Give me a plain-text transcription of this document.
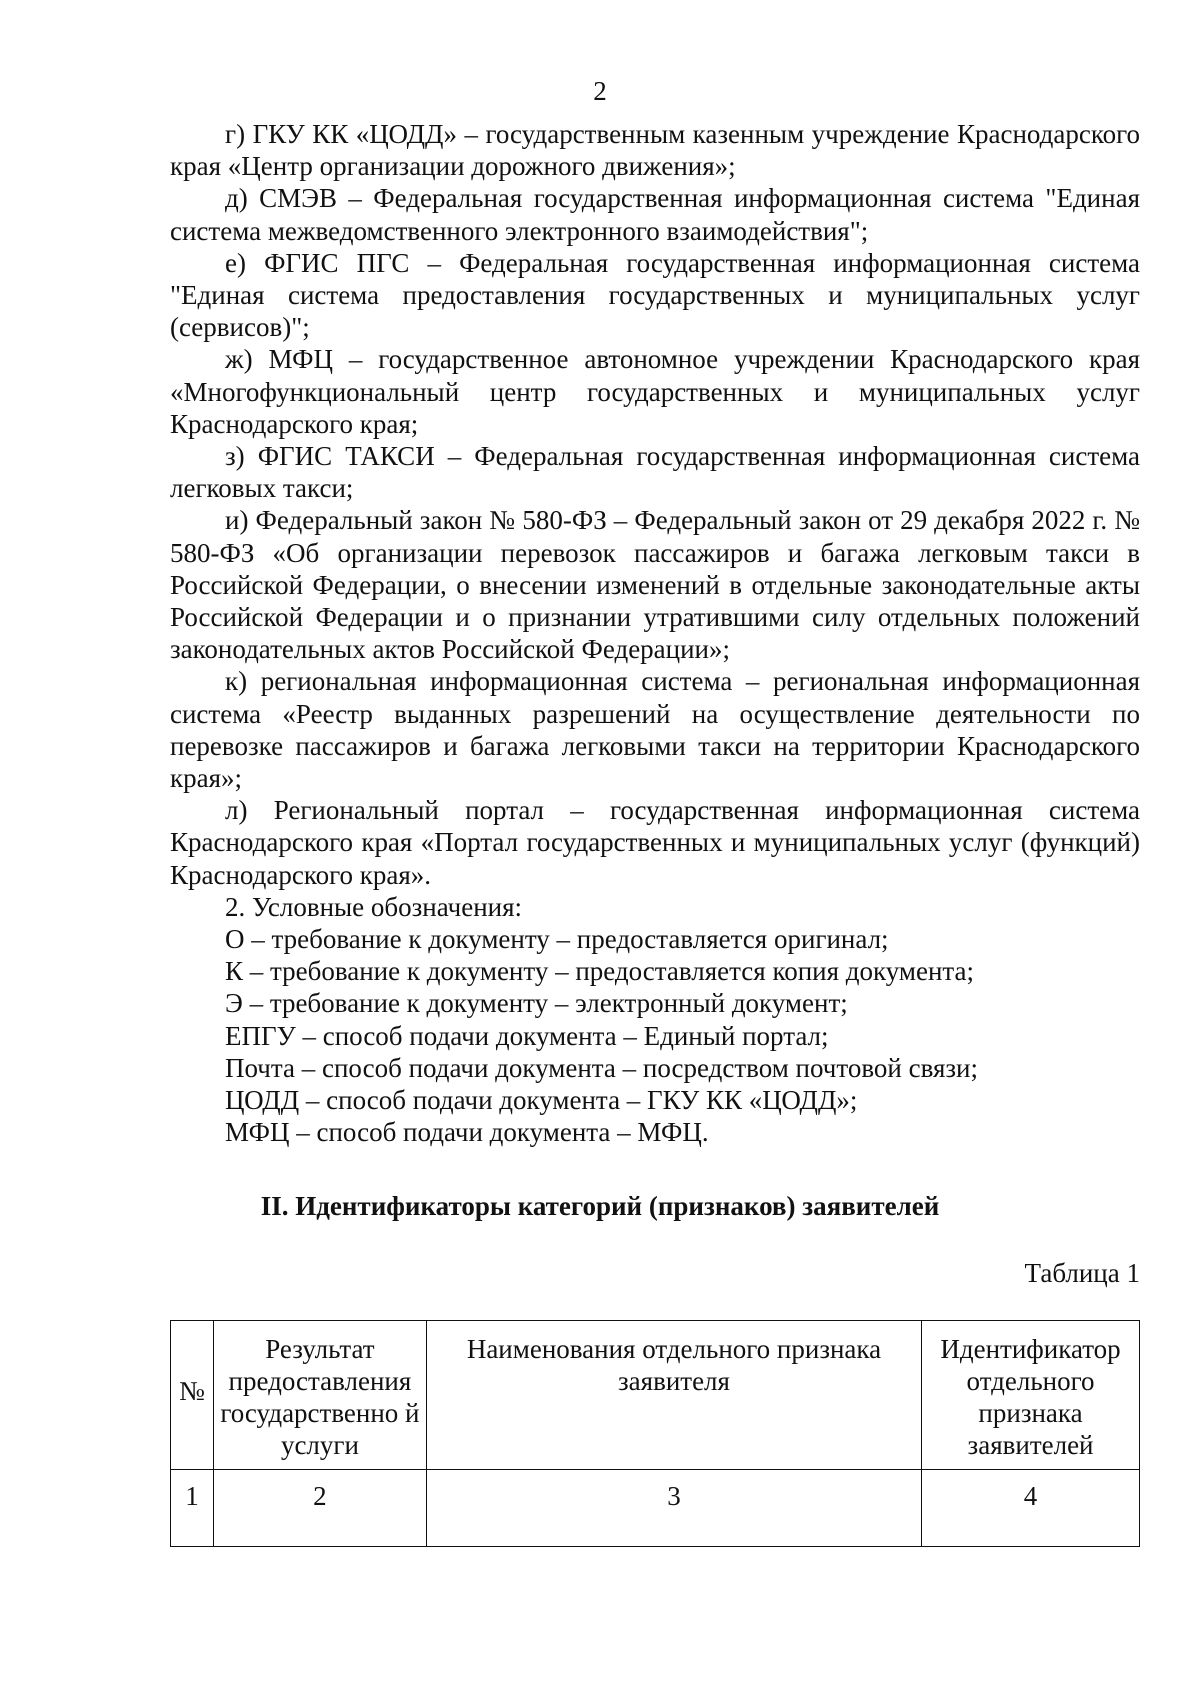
2

г) ГКУ КК «ЦОДД» – государственным казенным учреждение Краснодарского края «Центр организации дорожного движения»;

д) СМЭВ – Федеральная государственная информационная система "Единая система межведомственного электронного взаимодействия";

е) ФГИС ПГС – Федеральная государственная информационная система "Единая система предоставления государственных и муниципальных услуг (сервисов)";

ж) МФЦ – государственное автономное учреждении Краснодарского края «Многофункциональный центр государственных и муниципальных услуг Краснодарского края;

з) ФГИС ТАКСИ – Федеральная государственная информационная система легковых такси;

и) Федеральный закон № 580-ФЗ – Федеральный закон от 29 декабря 2022 г. № 580-ФЗ «Об организации перевозок пассажиров и багажа легковым такси в Российской Федерации, о внесении изменений в отдельные законодательные акты Российской Федерации и о признании утратившими силу отдельных положений законодательных актов Российской Федерации»;

к) региональная информационная система – региональная информационная система «Реестр выданных разрешений на осуществление деятельности по перевозке пассажиров и багажа легковыми такси на территории Краснодарского края»;

л) Региональный портал – государственная информационная система Краснодарского края «Портал государственных и муниципальных услуг (функций) Краснодарского края».

2. Условные обозначения:

О – требование к документу – предоставляется оригинал;

К – требование к документу – предоставляется копия документа;

Э – требование к документу – электронный документ;

ЕПГУ – способ подачи документа – Единый портал;

Почта – способ подачи документа – посредством почтовой связи;

ЦОДД – способ подачи документа – ГКУ КК «ЦОДД»;

МФЦ – способ подачи документа – МФЦ.

II. Идентификаторы категорий (признаков) заявителей
Таблица 1
№	Результат предоставления государственно й услуги	Наименования отдельного признака заявителя	Идентификатор отдельного признака заявителей
1	2	3	4
